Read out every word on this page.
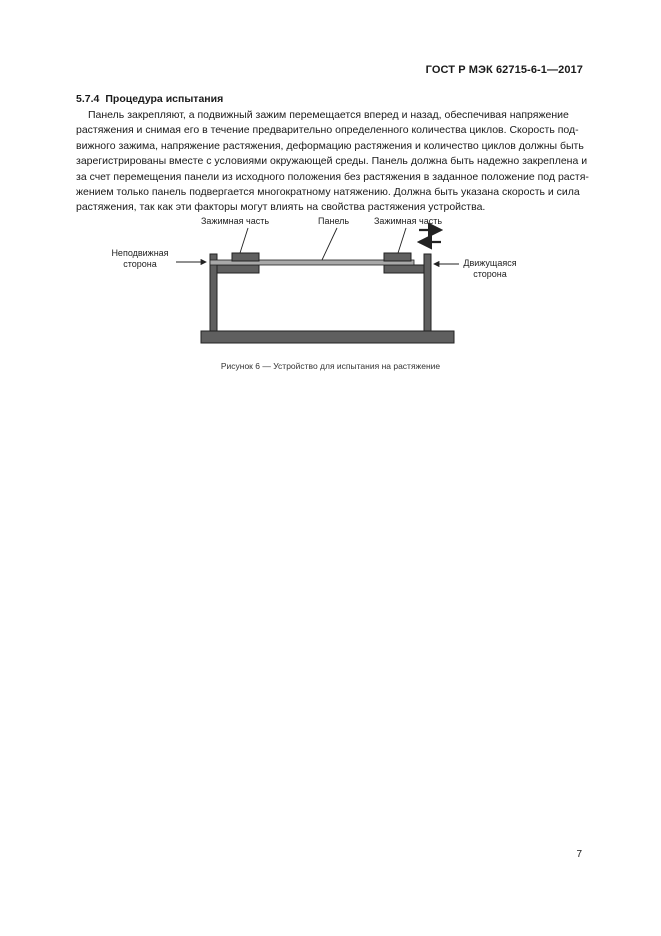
ГОСТ Р МЭК 62715-6-1—2017
5.7.4 Процедура испытания
Панель закрепляют, а подвижный зажим перемещается вперед и назад, обеспечивая напряжение
растяжения и снимая его в течение предварительно определенного количества циклов. Скорость под-
вижного зажима, напряжение растяжения, деформацию растяжения и количество циклов должны быть
зарегистрированы вместе с условиями окружающей среды. Панель должна быть надежно закреплена и
за счет перемещения панели из исходного положения без растяжения в заданное положение под растя-
жением только панель подвергается многократному натяжению. Должна быть указана скорость и сила
растяжения, так как эти факторы могут влиять на свойства растяжения устройства.
Зажимная часть	Панель	Зажимная часть
Неподвижная
сторона	Движущаяся
сторона
Рисунок 6 — Устройство для испытания на растяжение
7
